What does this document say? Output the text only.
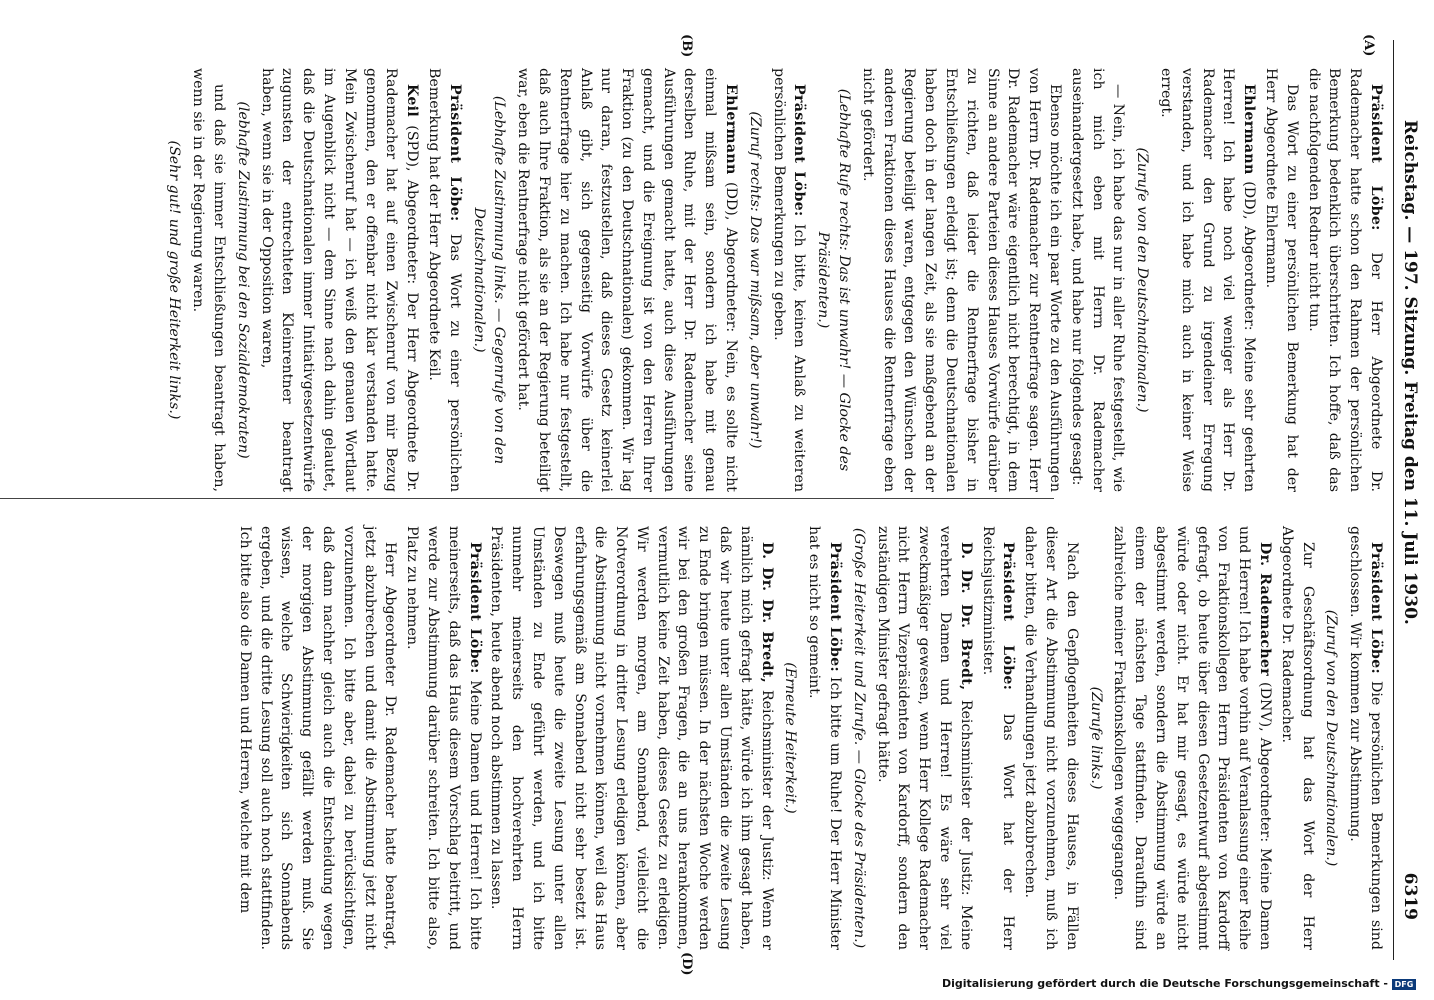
Reichstag. — 197. Sitzung. Freitag den 11. Juli 1930.
6319
(A)
(B)
(D)

Präsident Löbe: Der Herr Abgeordnete Dr. Rademacher hatte schon den Rahmen der persönlichen Bemerkung bedenklich überschritten. Ich hoffe, daß das die nachfolgenden Redner nicht tun.

Das Wort zu einer persönlichen Bemerkung hat der Herr Abgeordnete Ehlermann.

Ehlermann (DD), Abgeordneter: Meine sehr geehrten Herren! Ich habe noch viel weniger als Herr Dr. Rademacher den Grund zu irgendeiner Erregung verstanden, und ich habe mich auch in keiner Weise erregt.

(Zurufe von den Deutschnationalen.)

— Nein, ich habe das nur in aller Ruhe festgestellt, wie ich mich eben mit Herrn Dr. Rademacher auseinandergesetzt habe, und habe nur folgendes gesagt:

Ebenso möchte ich ein paar Worte zu den Ausführungen von Herrn Dr. Rademacher zur Rentnerfrage sagen. Herr Dr. Rademacher wäre eigentlich nicht berechtigt, in dem Sinne an andere Parteien dieses Hauses Vorwürfe darüber zu richten, daß leider die Rentnerfrage bisher in Entschließungen erledigt ist; denn die Deutschnationalen haben doch in der langen Zeit, als sie maßgebend an der Regierung beteiligt waren, entgegen den Wünschen der anderen Fraktionen dieses Hauses die Rentnerfrage eben nicht gefördert.

(Lebhafte Rufe rechts: Das ist unwahr! — Glocke des Präsidenten.)

Präsident Löbe: Ich bitte, keinen Anlaß zu weiteren persönlichen Bemerkungen zu geben.

(Zuruf rechts: Das war mißsam, aber unwahr!)

Ehlermann (DD), Abgeordneter: Nein, es sollte nicht einmal mißsam sein, sondern ich habe mit genau derselben Ruhe, mit der Herr Dr. Rademacher seine Ausführungen gemacht hatte, auch diese Ausführungen gemacht, und die Ereignung ist von den Herren Ihrer Fraktion (zu den Deutschnationalen) gekommen. Wir lag nur daran, festzustellen, daß dieses Gesetz keinerlei Anlaß gibt, sich gegenseitig Vorwürfe über die Rentnerfrage hier zu machen. Ich habe nur festgestellt, daß auch Ihre Fraktion, als sie an der Regierung beteiligt war, eben die Rentnerfrage nicht gefördert hat.

(Lebhafte Zustimmung links. — Gegenrufe von den Deutschnationalen.)

Präsident Löbe: Das Wort zu einer persönlichen Bemerkung hat der Herr Abgeordnete Keil.

Keil (SPD), Abgeordneter: Der Herr Abgeordnete Dr. Rademacher hat auf einen Zwischenruf von mir Bezug genommen, den er offenbar nicht klar verstanden hatte. Mein Zwischenruf hat — ich weiß den genauen Wortlaut im Augenblick nicht — dem Sinne nach dahin gelautet, daß die Deutschnationalen immer Initiativgesetzentwürfe zugunsten der entrechteten Kleinrentner beantragt haben, wenn sie in der Opposition waren,

(lebhafte Zustimmung bei den Sozialdemokraten)

und daß sie immer Entschließungen beantragt haben, wenn sie in der Regierung waren.

(Sehr gut! und große Heiterkeit links.)

Präsident Löbe: Die persönlichen Bemerkungen sind geschlossen. Wir kommen zur Abstimmung.

(Zuruf von den Deutschnationalen.)

Zur Geschäftsordnung hat das Wort der Herr Abgeordnete Dr. Rademacher.

Dr. Rademacher (DNV), Abgeordneter: Meine Damen und Herren! Ich habe vorhin auf Veranlassung einer Reihe von Fraktionskollegen Herrn Präsidenten von Kardorff gefragt, ob heute über diesen Gesetzentwurf abgestimmt würde oder nicht. Er hat mir gesagt, es würde nicht abgestimmt werden, sondern die Abstimmung würde an einem der nächsten Tage stattfinden. Daraufhin sind zahlreiche meiner Fraktionskollegen weggegangen.

(Zurufe links.)

Nach den Gepflogenheiten dieses Hauses, in Fällen dieser Art die Abstimmung nicht vorzunehmen, muß ich daher bitten, die Verhandlungen jetzt abzubrechen.

Präsident Löbe: Das Wort hat der Herr Reichsjustizminister.

D. Dr. Dr. Bredt, Reichsminister der Justiz: Meine verehrten Damen und Herren! Es wäre sehr viel zweckmäßiger gewesen, wenn Herr Kollege Rademacher nicht Herrn Vizepräsidenten von Kardorff, sondern den zuständigen Minister gefragt hätte.

(Große Heiterkeit und Zurufe. — Glocke des Präsidenten.)

Präsident Löbe: Ich bitte um Ruhe! Der Herr Minister hat es nicht so gemeint.

(Erneute Heiterkeit.)

D. Dr. Dr. Bredt, Reichsminister der Justiz: Wenn er nämlich mich gefragt hätte, würde ich ihm gesagt haben, daß wir heute unter allen Umständen die zweite Lesung zu Ende bringen müssen. In der nächsten Woche werden wir bei den großen Fragen, die an uns herankommen, vermutlich keine Zeit haben, dieses Gesetz zu erledigen. Wir werden morgen, am Sonnabend, vielleicht die Notverordnung in dritter Lesung erledigen können, aber die Abstimmung nicht vornehmen können, weil das Haus erfahrungsgemäß am Sonnabend nicht sehr besetzt ist. Deswegen muß heute die zweite Lesung unter allen Umständen zu Ende geführt werden, und ich bitte nunmehr meinerseits den hochverehrten Herrn Präsidenten, heute abend noch abstimmen zu lassen.

Präsident Löbe: Meine Damen und Herren! Ich bitte meinerseits, daß das Haus diesem Vorschlag beitritt, und werde zur Abstimmung darüber schreiten. Ich bitte also, Platz zu nehmen.

Herr Abgeordneter Dr. Rademacher hatte beantragt, jetzt abzubrechen und damit die Abstimmung jetzt nicht vorzunehmen. Ich bitte aber, dabei zu berücksichtigen, daß dann nachher gleich auch die Entscheidung wegen der morgigen Abstimmung gefällt werden muß. Sie wissen, welche Schwierigkeiten sich Sonnabends ergeben, und die dritte Lesung soll auch noch stattfinden. Ich bitte also die Damen und Herren, welche mit dem

Digitalisierung gefördert durch die Deutsche Forschungsgemeinschaft - DFG
